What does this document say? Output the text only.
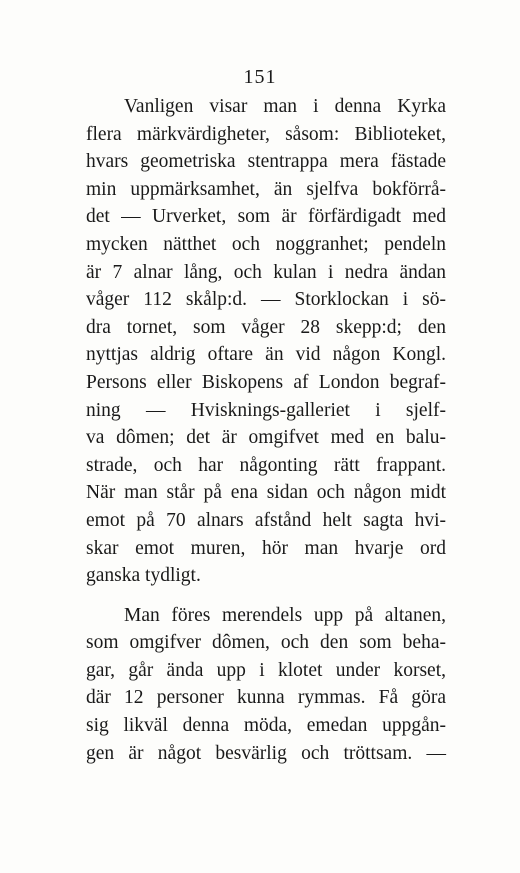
151
Vanligen visar man i denna Kyrka
flera märkvärdigheter, såsom: Biblioteket,
hvars geometriska stentrappa mera fästade
min uppmärksamhet, än sjelfva bokförrå-
det — Urverket, som är förfärdigadt med
mycken nätthet och noggranhet; pendeln
är 7 alnar lång, och kulan i nedra ändan
våger 112 skålp:d. — Storklockan i sö-
dra tornet, som våger 28 skepp:d; den
nyttjas aldrig oftare än vid någon Kongl.
Persons eller Biskopens af London begraf-
ning — Hvisknings-galleriet i sjelf-
va dômen; det är omgifvet med en balu-
strade, och har någonting rätt frappant.
När man står på ena sidan och någon midt
emot på 70 alnars afstånd helt sagta hvi-
skar emot muren, hör man hvarje ord
ganska tydligt.
Man föres merendels upp på altanen,
som omgifver dômen, och den som beha-
gar, går ända upp i klotet under korset,
där 12 personer kunna rymmas. Få göra
sig likväl denna möda, emedan uppgån-
gen är något besvärlig och tröttsam. —
